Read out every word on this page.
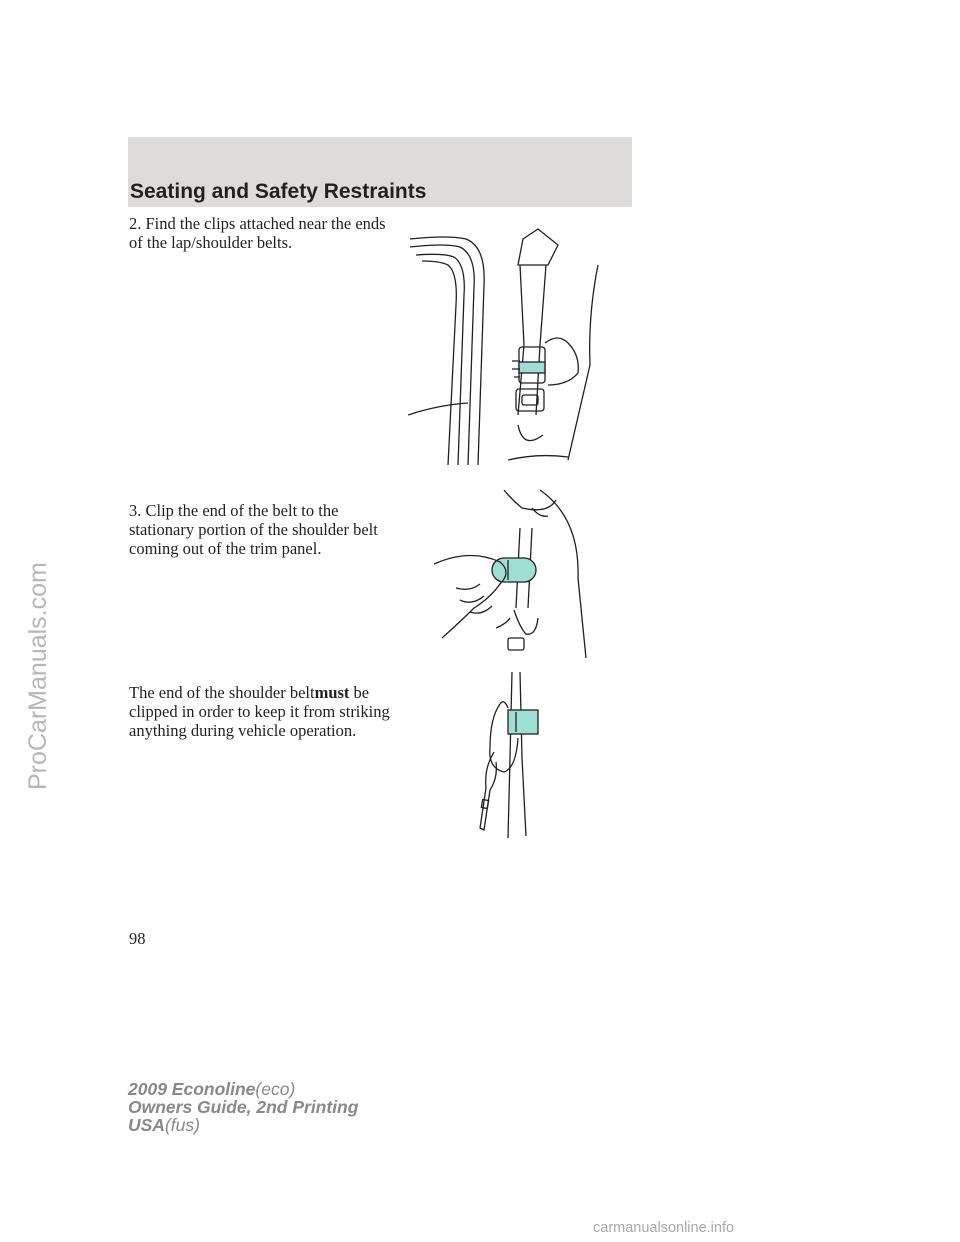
Seating and Safety Restraints

2. Find the clips attached near the ends of the lap/shoulder belts.

3. Clip the end of the belt to the stationary portion of the shoulder belt coming out of the trim panel.

The end of the shoulder beltmust be clipped in order to keep it from striking anything during vehicle operation.

98
2009 Econoline(eco)
Owners Guide, 2nd Printing
USA(fus)
ProCarManuals.com
carmanualsonline.info
